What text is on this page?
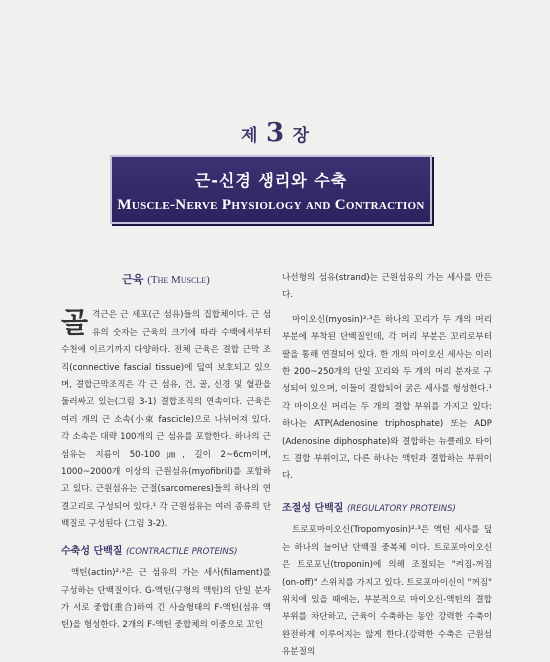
제 3 장
근-신경 생리와 수축
Muscle-Nerve Physiology and Contraction
근육 (The Muscle)

골 격근은 근 세포(근 섬유)들의 집합체이다. 근 섬유의 숫자는 근육의 크기에 따라 수백에서부터 수천에 이르기까지 다양하다. 전체 근육은 결합 근막 조직(connective fascial tissue)에 덮여 보호되고 있으며, 결합근막조직은 각 근 섬유, 건, 골, 신경 및 혈관을 둘러싸고 있는(그림 3-1) 결합조직의 연속이다. 근육은 여러 개의 근 소속(小束 fascicle)으로 나뉘어져 있다. 각 소속은 대략 100개의 근 섬유를 포함한다. 하나의 근 섬유는 지름이 50-100㎛, 길이 2~6cm이며, 1000~2000개 이상의 근원섬유(myofibril)를 포함하고 있다. 근원섬유는 근절(sarcomeres)들의 하나의 연결고리로 구성되어 있다.¹ 각 근원섬유는 여러 종류의 단백질로 구성된다 (그림 3-2).

수축성 단백질 (CONTRACTILE PROTEINS)

액틴(actin)²·³은 근 섬유의 가는 세사(filament)를 구성하는 단백질이다. G-액틴(구형의 액틴)의 단일 분자가 서로 중합(重合)하여 긴 사슬형태의 F-액틴(섬유 액틴)을 형성한다. 2개의 F-액틴 중합체의 이중으로 꼬인

나선형의 섬유(strand)는 근원섬유의 가는 세사를 만든다.

마이오신(myosin)²·³은 하나의 꼬리가 두 개의 머리 부분에 부착된 단백질인데, 각 머리 부분은 꼬리로부터 팔을 통해 연결되어 있다. 한 개의 마이오신 세사는 이러한 200~250개의 단일 꼬리와 두 개의 머리 분자로 구성되어 있으며, 이들이 결합되어 굵은 세사를 형성한다.¹ 각 마이오신 머리는 두 개의 결합 부위를 가지고 있다: 하나는 ATP(Adenosine triphosphate) 또는 ADP (Adenosine diphosphate)와 결합하는 뉴클레오 타이드 결합 부위이고, 다른 하나는 액틴과 결합하는 부위이다.

조절성 단백질 (REGULATORY PROTEINS)

트로포마이오신(Tropomyosin)²·³은 액틴 세사를 덮는 하나의 늘어난 단백질 중복체 이다. 트로포마이오신은 트로포닌(troponin)에 의해 조절되는 "켜짐-꺼짐(on-off)" 스위치를 가지고 있다. 트로포마이신이 "꺼짐" 위치에 있을 때에는, 부분적으로 마이오신-액틴의 결합 부위를 차단하고, 근육이 수축하는 동안 강력한 수축이 완전하게 이루어지는 않게 한다.(강력한 수축은 근원섬유분절의
